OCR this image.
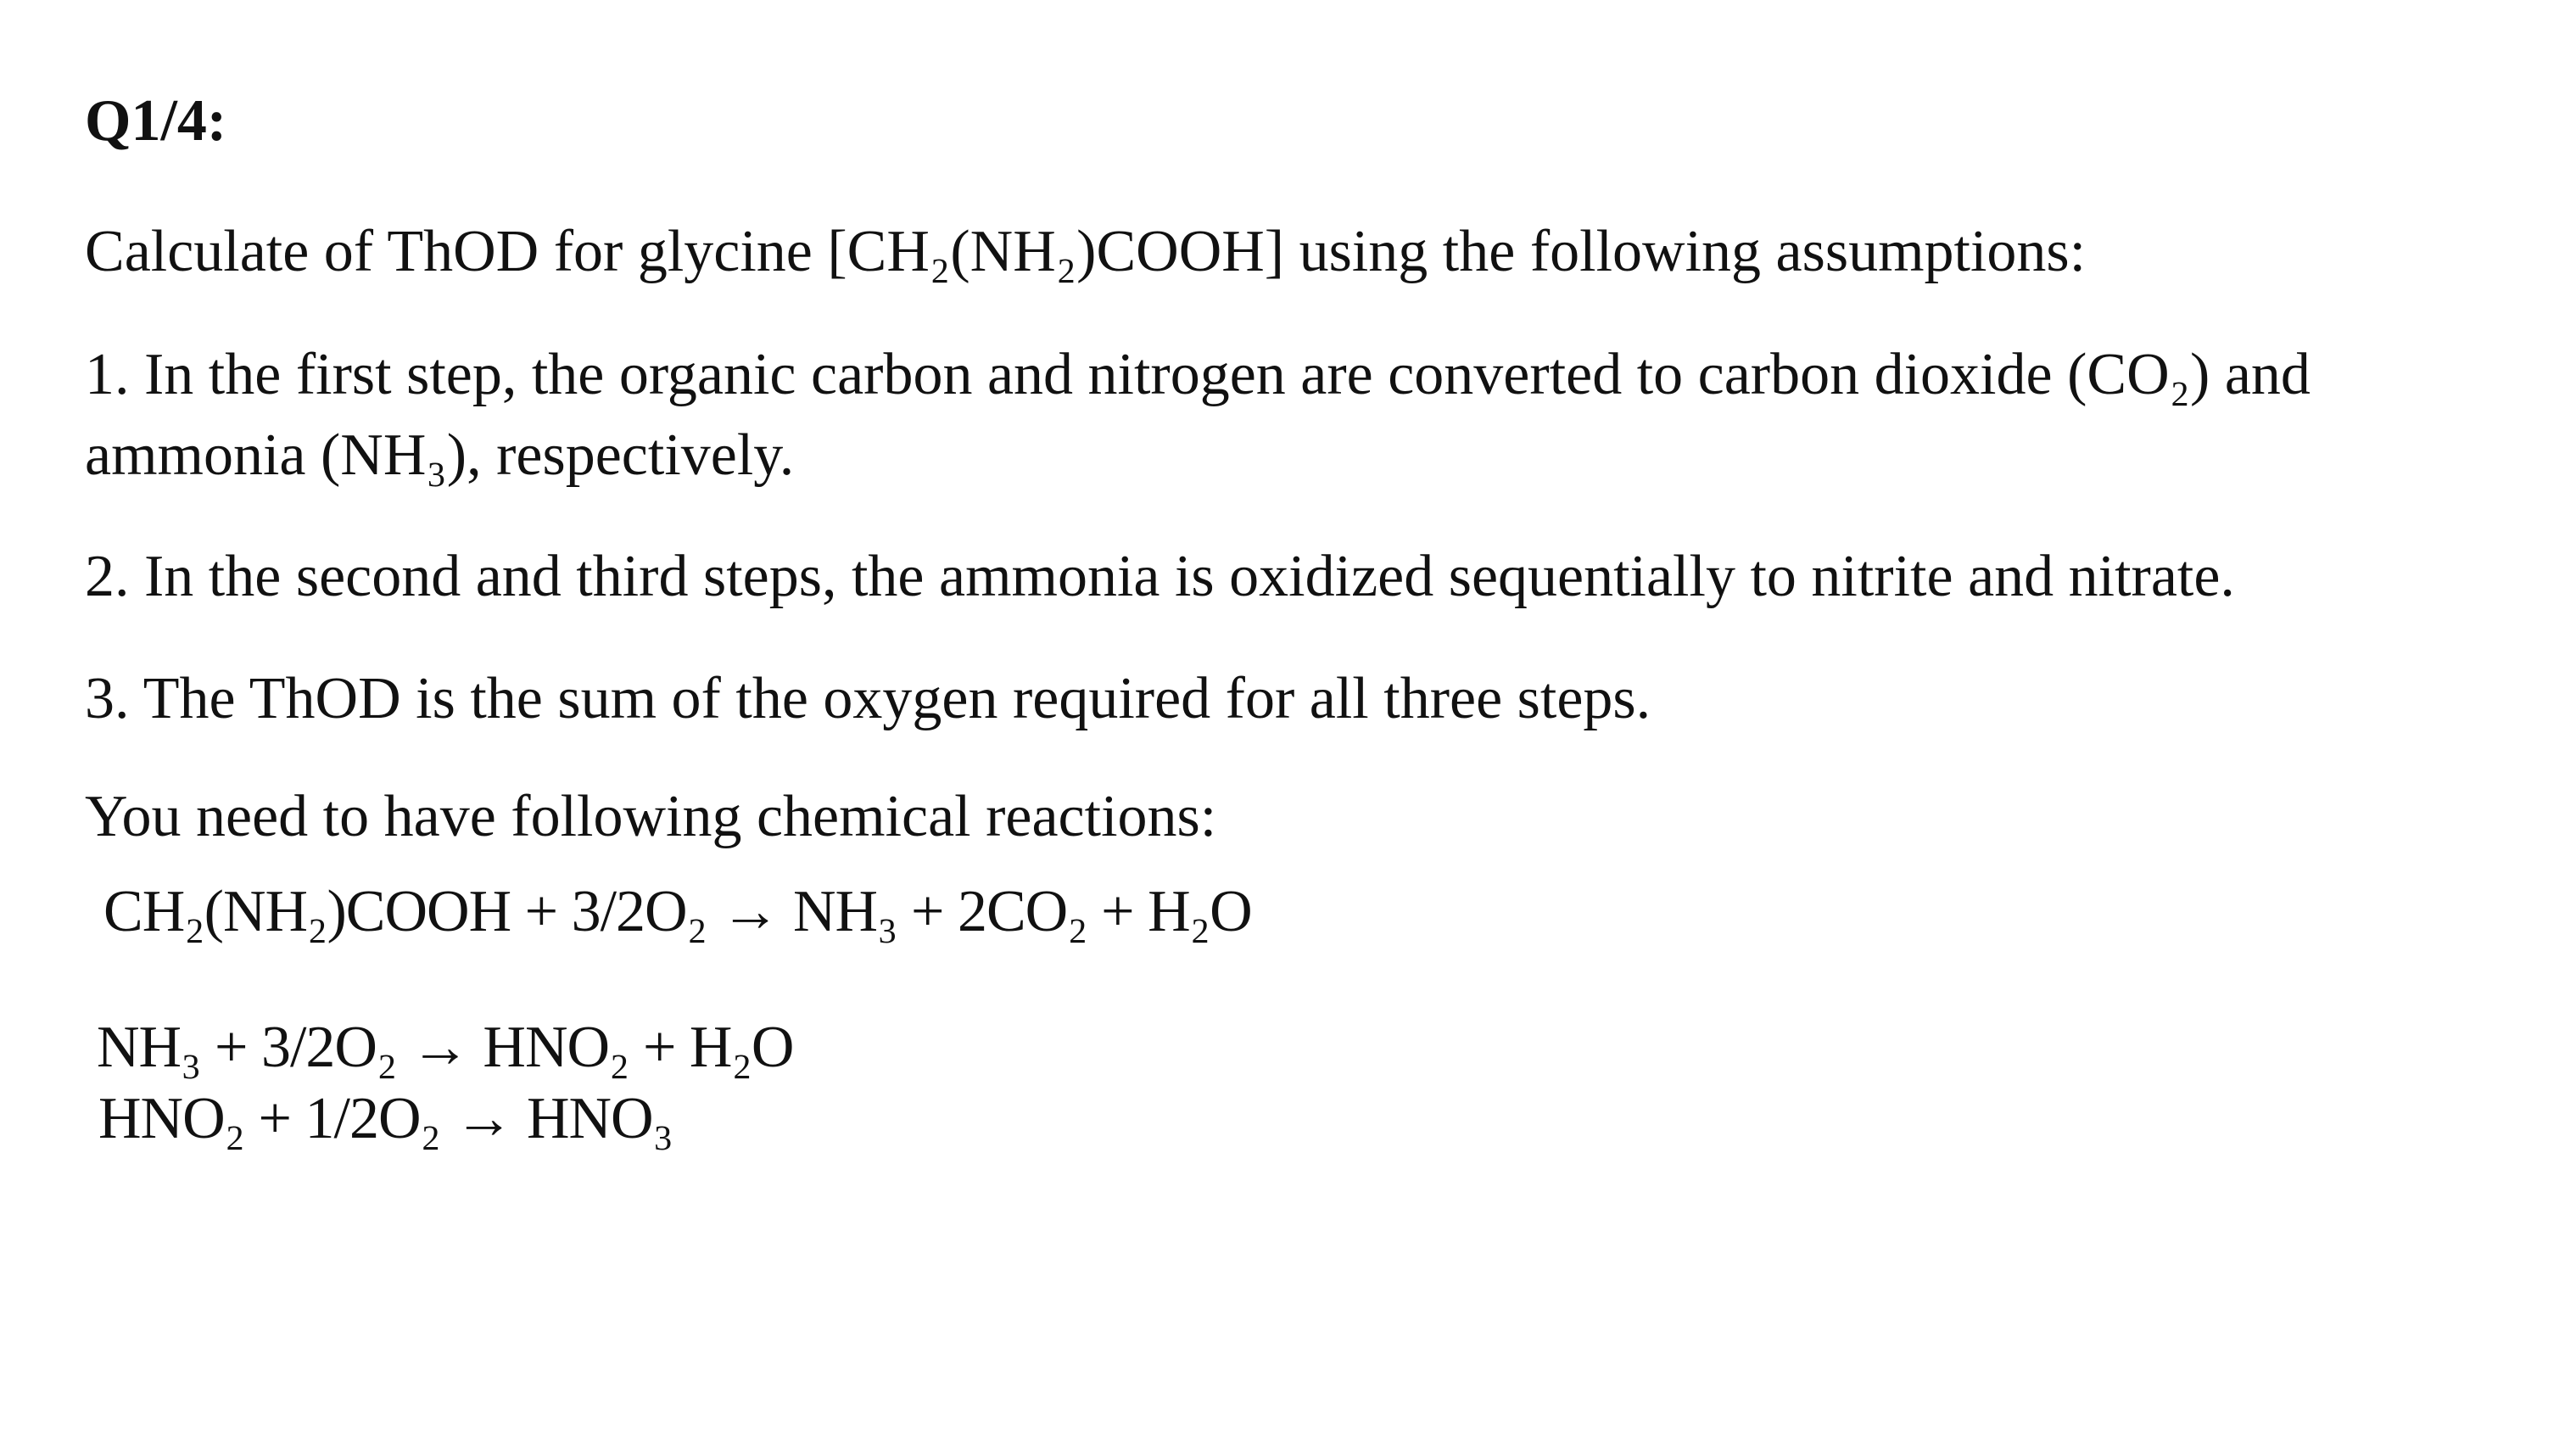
Q1/4:
Calculate of ThOD for glycine [CH₂(NH₂)COOH] using the following assumptions:
1. In the first step, the organic carbon and nitrogen are converted to carbon dioxide (CO₂) and ammonia (NH₃), respectively.
2. In the second and third steps, the ammonia is oxidized sequentially to nitrite and nitrate.
3. The ThOD is the sum of the oxygen required for all three steps.
You need to have following chemical reactions:
CH₂(NH₂)COOH + 3/2O₂ → NH₃ + 2CO₂ + H₂O
NH₃ + 3/2O₂ → HNO₂ + H₂O
HNO₂ + 1/2O₂ → HNO₃
